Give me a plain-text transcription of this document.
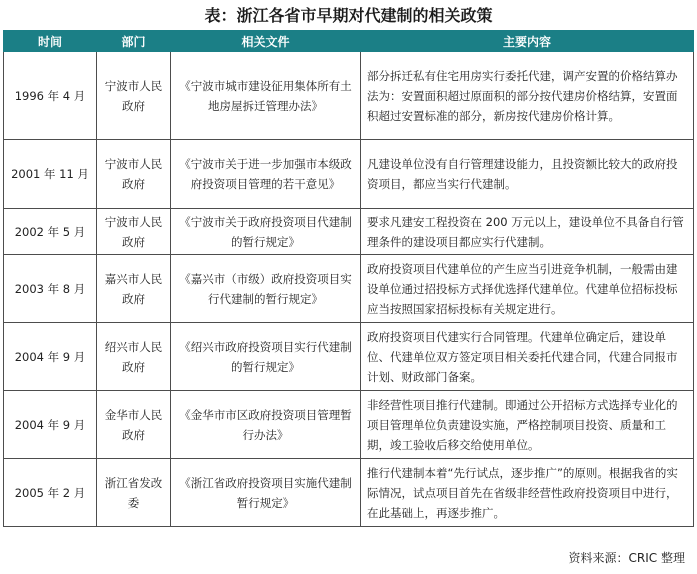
表：浙江各省市早期对代建制的相关政策
时间	部门	相关文件	主要内容
1996 年 4 月	宁波市人民政府	《宁波市城市建设征用集体所有土地房屋拆迁管理办法》	部分拆迁私有住宅用房实行委托代建，调产安置的价格结算办法为：安置面积超过原面积的部分按代建房价格结算，安置面积超过安置标准的部分，新房按代建房价格计算。
2001 年 11 月	宁波市人民政府	《宁波市关于进一步加强市本级政府投资项目管理的若干意见》	凡建设单位没有自行管理建设能力，且投资额比较大的政府投资项目，都应当实行代建制。
2002 年 5 月	宁波市人民政府	《宁波市关于政府投资项目代建制的暂行规定》	要求凡建安工程投资在 200 万元以上，建设单位不具备自行管理条件的建设项目都应实行代建制。
2003 年 8 月	嘉兴市人民政府	《嘉兴市（市级）政府投资项目实行代建制的暂行规定》	政府投资项目代建单位的产生应当引进竞争机制，一般需由建设单位通过招投标方式择优选择代建单位。代建单位招标投标应当按照国家招标投标有关规定进行。
2004 年 9 月	绍兴市人民政府	《绍兴市政府投资项目实行代建制的暂行规定》	政府投资项目代建实行合同管理。代建单位确定后，建设单位、代建单位双方签定项目相关委托代建合同，代建合同报市计划、财政部门备案。
2004 年 9 月	金华市人民政府	《金华市市区政府投资项目管理暂行办法》	非经营性项目推行代建制。即通过公开招标方式选择专业化的项目管理单位负责建设实施，严格控制项目投资、质量和工期，竣工验收后移交给使用单位。
2005 年 2 月	浙江省发改委	《浙江省政府投资项目实施代建制暂行规定》	推行代建制本着“先行试点，逐步推广”的原则。根据我省的实际情况，试点项目首先在省级非经营性政府投资项目中进行，在此基础上，再逐步推广。
资料来源：CRIC 整理
